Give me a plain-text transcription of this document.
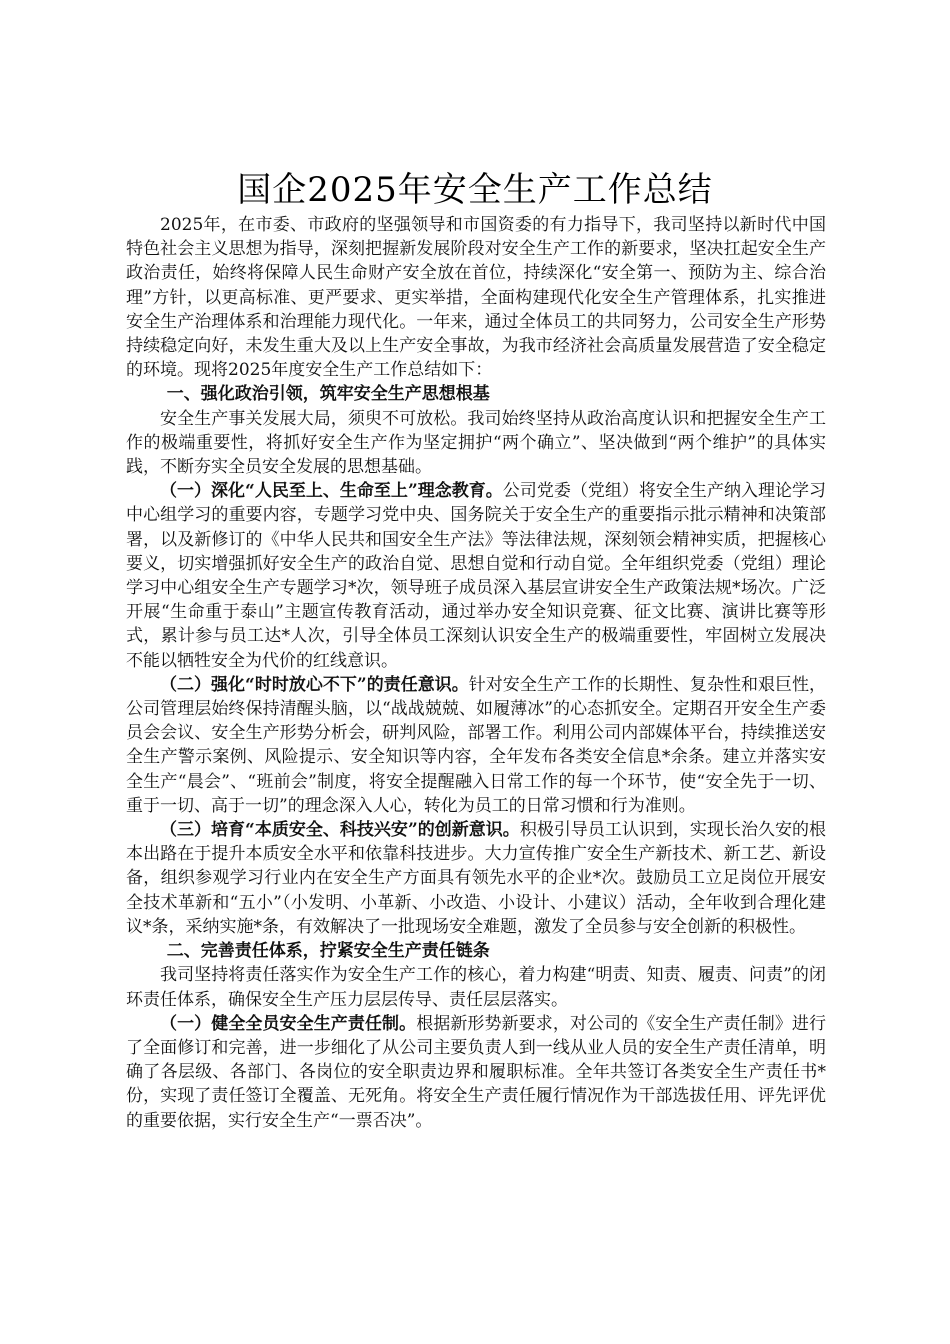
国企2025年安全生产工作总结

2025年，在市委、市政府的坚强领导和市国资委的有力指导下，我司坚持以新时代中国特色社会主义思想为指导，深刻把握新发展阶段对安全生产工作的新要求，坚决扛起安全生产政治责任，始终将保障人民生命财产安全放在首位，持续深化“安全第一、预防为主、综合治理”方针，以更高标准、更严要求、更实举措，全面构建现代化安全生产管理体系，扎实推进安全生产治理体系和治理能力现代化。一年来，通过全体员工的共同努力，公司安全生产形势持续稳定向好，未发生重大及以上生产安全事故，为我市经济社会高质量发展营造了安全稳定的环境。现将2025年度安全生产工作总结如下：

一、强化政治引领，筑牢安全生产思想根基

安全生产事关发展大局，须臾不可放松。我司始终坚持从政治高度认识和把握安全生产工作的极端重要性，将抓好安全生产作为坚定拥护“两个确立”、坚决做到“两个维护”的具体实践，不断夯实全员安全发展的思想基础。

（一）深化“人民至上、生命至上”理念教育。公司党委（党组）将安全生产纳入理论学习中心组学习的重要内容，专题学习党中央、国务院关于安全生产的重要指示批示精神和决策部署，以及新修订的《中华人民共和国安全生产法》等法律法规，深刻领会精神实质，把握核心要义，切实增强抓好安全生产的政治自觉、思想自觉和行动自觉。全年组织党委（党组）理论学习中心组安全生产专题学习*次，领导班子成员深入基层宣讲安全生产政策法规*场次。广泛开展“生命重于泰山”主题宣传教育活动，通过举办安全知识竞赛、征文比赛、演讲比赛等形式，累计参与员工达*人次，引导全体员工深刻认识安全生产的极端重要性，牢固树立发展决不能以牺牲安全为代价的红线意识。

（二）强化“时时放心不下”的责任意识。针对安全生产工作的长期性、复杂性和艰巨性，公司管理层始终保持清醒头脑，以“战战兢兢、如履薄冰”的心态抓安全。定期召开安全生产委员会会议、安全生产形势分析会，研判风险，部署工作。利用公司内部媒体平台，持续推送安全生产警示案例、风险提示、安全知识等内容，全年发布各类安全信息*余条。建立并落实安全生产“晨会”、“班前会”制度，将安全提醒融入日常工作的每一个环节，使“安全先于一切、重于一切、高于一切”的理念深入人心，转化为员工的日常习惯和行为准则。

（三）培育“本质安全、科技兴安”的创新意识。积极引导员工认识到，实现长治久安的根本出路在于提升本质安全水平和依靠科技进步。大力宣传推广安全生产新技术、新工艺、新设备，组织参观学习行业内在安全生产方面具有领先水平的企业*次。鼓励员工立足岗位开展安全技术革新和“五小”（小发明、小革新、小改造、小设计、小建议）活动，全年收到合理化建议*条，采纳实施*条，有效解决了一批现场安全难题，激发了全员参与安全创新的积极性。

二、完善责任体系，拧紧安全生产责任链条

我司坚持将责任落实作为安全生产工作的核心，着力构建“明责、知责、履责、问责”的闭环责任体系，确保安全生产压力层层传导、责任层层落实。

（一）健全全员安全生产责任制。根据新形势新要求，对公司的《安全生产责任制》进行了全面修订和完善，进一步细化了从公司主要负责人到一线从业人员的安全生产责任清单，明确了各层级、各部门、各岗位的安全职责边界和履职标准。全年共签订各类安全生产责任书*份，实现了责任签订全覆盖、无死角。将安全生产责任履行情况作为干部选拔任用、评先评优的重要依据，实行安全生产“一票否决”。
